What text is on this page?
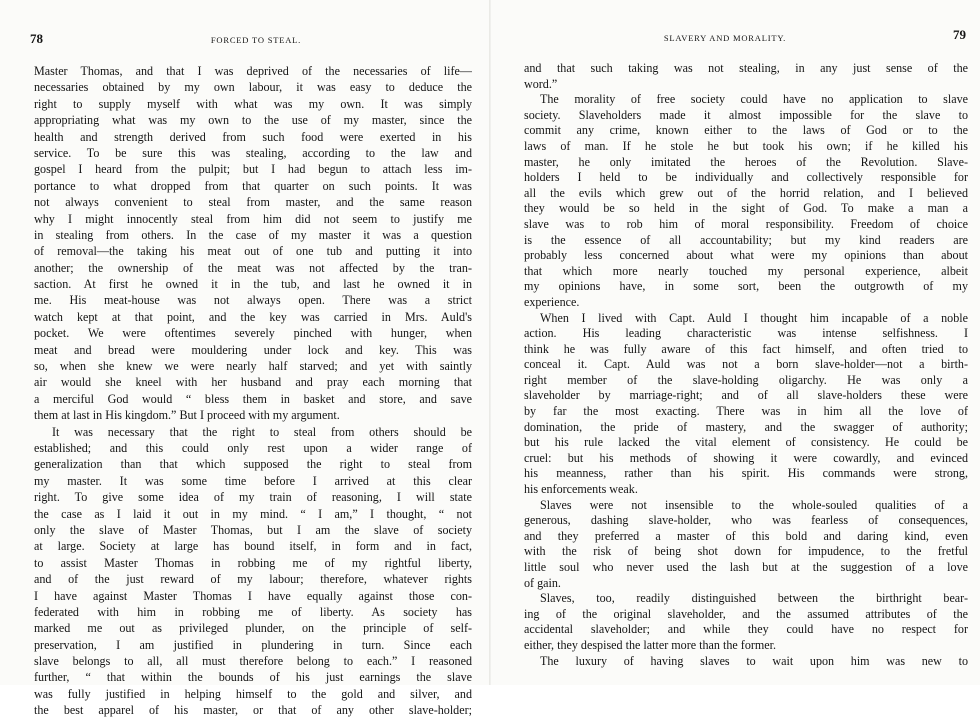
78	FORCED TO STEAL.
Master Thomas, and that I was deprived of the necessaries of life—
necessaries obtained by my own labour, it was easy to deduce the
right to supply myself with what was my own. It was simply
appropriating what was my own to the use of my master, since the
health and strength derived from such food were exerted in his
service. To be sure this was stealing, according to the law and
gospel I heard from the pulpit; but I had begun to attach less im-
portance to what dropped from that quarter on such points. It was
not always convenient to steal from master, and the same reason
why I might innocently steal from him did not seem to justify me
in stealing from others. In the case of my master it was a question
of removal—the taking his meat out of one tub and putting it into
another; the ownership of the meat was not affected by the tran-
saction. At first he owned it in the tub, and last he owned it in
me. His meat-house was not always open. There was a strict
watch kept at that point, and the key was carried in Mrs. Auld's
pocket. We were oftentimes severely pinched with hunger, when
meat and bread were mouldering under lock and key. This was
so, when she knew we were nearly half starved; and yet with saintly
air would she kneel with her husband and pray each morning that
a merciful God would “ bless them in basket and store, and save
them at last in His kingdom.” But I proceed with my argument.
It was necessary that the right to steal from others should be
established; and this could only rest upon a wider range of
generalization than that which supposed the right to steal from
my master. It was some time before I arrived at this clear
right. To give some idea of my train of reasoning, I will state
the case as I laid it out in my mind. “ I am,” I thought, “ not
only the slave of Master Thomas, but I am the slave of society
at large. Society at large has bound itself, in form and in fact,
to assist Master Thomas in robbing me of my rightful liberty,
and of the just reward of my labour; therefore, whatever rights
I have against Master Thomas I have equally against those con-
federated with him in robbing me of liberty. As society has
marked me out as privileged plunder, on the principle of self-
preservation, I am justified in plundering in turn. Since each
slave belongs to all, all must therefore belong to each.” I reasoned
further, “ that within the bounds of his just earnings the slave
was fully justified in helping himself to the gold and silver, and
the best apparel of his master, or that of any other slave-holder;
SLAVERY AND MORALITY.	79
and that such taking was not stealing, in any just sense of the
word.”
The morality of free society could have no application to slave
society. Slaveholders made it almost impossible for the slave to
commit any crime, known either to the laws of God or to the
laws of man. If he stole he but took his own; if he killed his
master, he only imitated the heroes of the Revolution. Slave-
holders I held to be individually and collectively responsible for
all the evils which grew out of the horrid relation, and I believed
they would be so held in the sight of God. To make a man a
slave was to rob him of moral responsibility. Freedom of choice
is the essence of all accountability; but my kind readers are
probably less concerned about what were my opinions than about
that which more nearly touched my personal experience, albeit
my opinions have, in some sort, been the outgrowth of my
experience.
When I lived with Capt. Auld I thought him incapable of a noble
action. His leading characteristic was intense selfishness. I
think he was fully aware of this fact himself, and often tried to
conceal it. Capt. Auld was not a born slave-holder—not a birth-
right member of the slave-holding oligarchy. He was only a
slaveholder by marriage-right; and of all slave-holders these were
by far the most exacting. There was in him all the love of
domination, the pride of mastery, and the swagger of authority;
but his rule lacked the vital element of consistency. He could be
cruel: but his methods of showing it were cowardly, and evinced
his meanness, rather than his spirit. His commands were strong,
his enforcements weak.
Slaves were not insensible to the whole-souled qualities of a
generous, dashing slave-holder, who was fearless of consequences,
and they preferred a master of this bold and daring kind, even
with the risk of being shot down for impudence, to the fretful
little soul who never used the lash but at the suggestion of a love
of gain.
Slaves, too, readily distinguished between the birthright bear-
ing of the original slaveholder, and the assumed attributes of the
accidental slaveholder; and while they could have no respect for
either, they despised the latter more than the former.
The luxury of having slaves to wait upon him was new to
